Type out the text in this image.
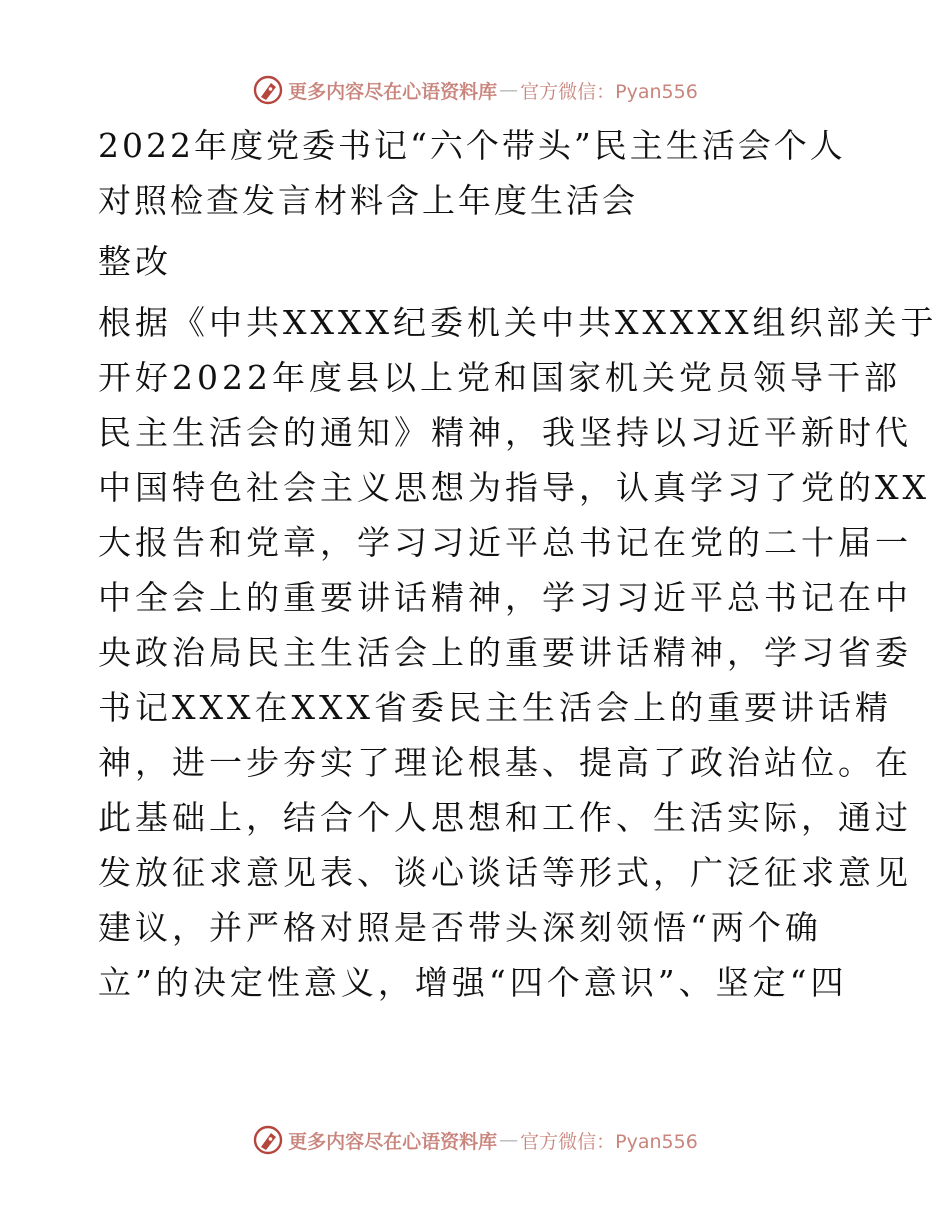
更多内容尽在心语资料库 — 官方微信：Pyan556
2022年度党委书记“六个带头”民主生活会个人
对照检查发言材料含上年度生活会
整改
根据《中共XXXX纪委机关中共XXXXX组织部关于
开好2022年度县以上党和国家机关党员领导干部
民主生活会的通知》精神，我坚持以习近平新时代
中国特色社会主义思想为指导，认真学习了党的XX
大报告和党章，学习习近平总书记在党的二十届一
中全会上的重要讲话精神，学习习近平总书记在中
央政治局民主生活会上的重要讲话精神，学习省委
书记XXX在XXX省委民主生活会上的重要讲话精
神，进一步夯实了理论根基、提高了政治站位。在
此基础上，结合个人思想和工作、生活实际，通过
发放征求意见表、谈心谈话等形式，广泛征求意见
建议，并严格对照是否带头深刻领悟“两个确
立”的决定性意义，增强“四个意识”、坚定“四
更多内容尽在心语资料库 — 官方微信：Pyan556
